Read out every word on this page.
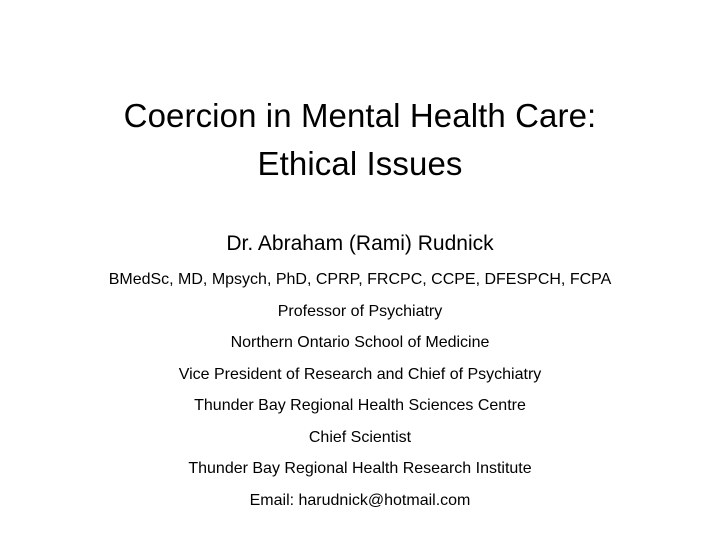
Coercion in Mental Health Care:
Ethical Issues
Dr. Abraham (Rami) Rudnick
BMedSc, MD, Mpsych, PhD, CPRP, FRCPC, CCPE, DFESPCH, FCPA
Professor of Psychiatry
Northern Ontario School of Medicine
Vice President of Research and Chief of Psychiatry
Thunder Bay Regional Health Sciences Centre
Chief Scientist
Thunder Bay Regional Health Research Institute
Email: harudnick@hotmail.com
